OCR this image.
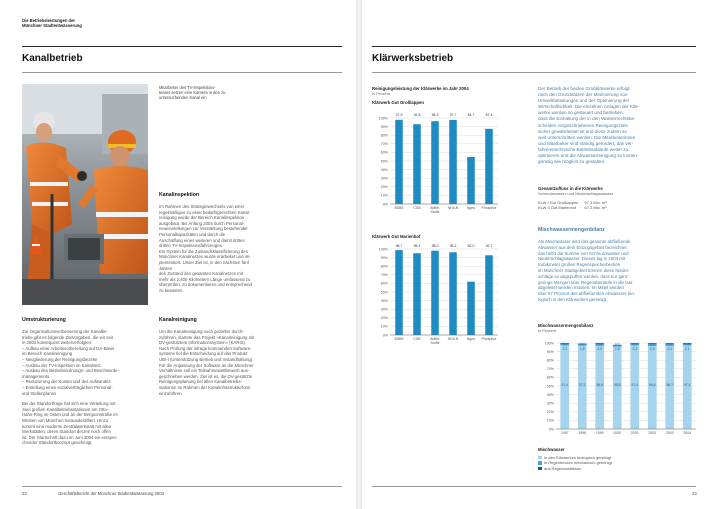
Die Betriebsleistungen der
Münchner Stadtentwässerung
Kanalbetrieb
Mitarbeiter des TV-Inspektions-
teams setzen eine Kamera in den zu
untersuchenden Kanal ein
Kanalinspektion
Im Rahmen des Strategiewechsels von einer
regelmäßigen zu einer bedarfsgerechten Kanal-
reinigung wurde der Bereich Kanalinspektion
ausgebaut. Bis Anfang 2004 durch Personal-
neueinstellungen zur Verstärkung bestehender
Personalkapazitäten und durch die
Anschaffung eines weiteren und damit drittes
dritten TV-Inspektionsfahrzeuges.
Ein System für die Zustandsklassifizierung des
Münchner Kanalnetzes wurde erarbeitet und im-
plementiert. Unser Ziel ist, in den nächsten fünf Jahren
den Zustand des gesamten Kanalnetzes mit
mehr als 2.400 Kilometern Länge umfassend zu
überprüfen, zu dokumentieren und entsprechend
zu bewerten.
Umstrukturierung
Zur Organisationsverbesserung der Kanalbe-
triebe gibt es folgende Zielvorgaben, die wir seit
in 2003 konsequent weiterverfolgten:
– Aufbau einer Arbeitsvorbereitung auf DA-Basis
im Bereich Kanalreinigung
– Neugliederung der Reinigungsbezirke
– Ausbau der TV-Inspektion im Kanalnetz
– Ausbau des Betriebsordnungs- und Beschwerde-
managements
– Reduzierung der Kosten und des Aufwandes
– Erstellung eines sozialverträglichen Personal-
und Stellenplanes
Bei der Standortfrage hat sich eine Verteilung mit
zwei großen Kanalbetriebsstationen am Otto-
Hahn-Ring im Osten und an der Bergsonstraße im
Westen von München herausdestilliert. Hinzu
kommt eine moderne Zentralwerkstatt mit allen
Werkstätten, deren Standort derzeit noch offen
ist. Der Startschritt dazu im Juni 2004 ein entspre-
chender Standortkonzept genehmigt.
Kanalreinigung
Um die Kanalreinigung noch gezielter durch-
zuführen, startete das Projekt »Kanalreinigung mit
DV-gestütztem Informationssystem« (KARIS).
Nach Prüfung der infrage kommenden Software-
systeme fiel die Entscheidung auf das Produkt
UBI-I (Unterstützung Betrieb und Instandhaltung).
Für die Anpassung der Software an die Münchner
Verhältnisse soll ein Teilnahmewettbewerb aus-
geschrieben werden. Ziel ist es, die DV-gestützte
Reinigungsplanung bei allen Kanalbetriebs-
stationen im Rahmen der Kanalinfrastrukturform
einzuführen.
22	Geschäftsbericht der Münchner Stadtentwässerung 2004
Klärwerksbetrieb
Reinigungsleistung der Klärwerke im Jahr 2004
in Prozent
Klärwerk Gut Großlappen
0%
10%
20%
30%
40%
50%
60%
70%
80%
90%
100%
97,9
BSB5
92,8
CSB
96,3
Abfiltr.
Stoffe
97,7
NH4-N
54,7
Nges
87,4
Phosphor
Klärwerk Gut Marienhof
0%
10%
20%
30%
40%
50%
60%
70%
80%
90%
100%
98,7
BSB5
95,1
CSB
98,0
Abfiltr.
Stoffe
96,2
NH4-N
62,0
Nges
92,7
Phosphor
Der Betrieb der beiden Großklärwerke erfolgt
nach den Grundsätzen der Minimierung von
Umweltbelastungen und der Optimierung der
Wirtschaftlichkeit. Die einzelnen Anlagen der Klär-
werke werden so gesteuert und betrieben,
dass die Einhaltung der in den Wasserrechtsbe-
scheiden vorgeschriebenen Reinigungsziele
sicher gewährleistet ist und diese zudem so
weit unterschritten werden. Die Mitarbeiterinnen
und Mitarbeiter sind ständig gefordert, das ver-
fahrenstechnische Betriebsabläufe weiter zu
optimieren und die Abwasserreinigung so kosten-
günstig wie möglich zu gestalten.
Gesamtzufluss in die Klärwerke
Schmutzwasser und Niederschlagswasser
KLW I Gut Großlappen	97,3 Mio. m³
KLW II Gut Marienhof	67,2 Mio. m³
Mischwassermengenbilanz
Als Mischwasser wird das gesamte abfließende
Abwasser aus dem Einzugsgebiet bezeichnet,
das heißt die Summe von Schmutzwasser und
Niederschlagswasser. Dieses lag in 2004 mit
Kubikmeter großen Regenspeicherbecken
im Münchner Stadtgebiet können diese Nieder-
schläge so abgepuffert werden, dass nur ganz
geringe Mengen über Regenüberläufe in die Isar
abgeleitet werden müssen. Im Mittel werden
über 97 Prozent des abfließenden Abwassers bio-
logisch in den Klärwerken gereinigt.
Mischwassermengenbilanz
in Prozent
0%
10%
20%
30%
40%
50%
60%
70%
80%
90%
100%	0,3
2,3
97,4
1997
0,2
1,8
97,2
1998
0,3
2,9
96,8
1999
0,3
1,8
95,8
2000
0,3
2,2
97,4
2001
0,5
2,9
96,6
2002
0,8
2,2
96,7
2003
0,5
2,1
97,4
2004
Mischwasser
in den Klärwerken biologisch gereinigt
in Regenbecken mechanisch gereinigt
aus Regenauslässen
23
